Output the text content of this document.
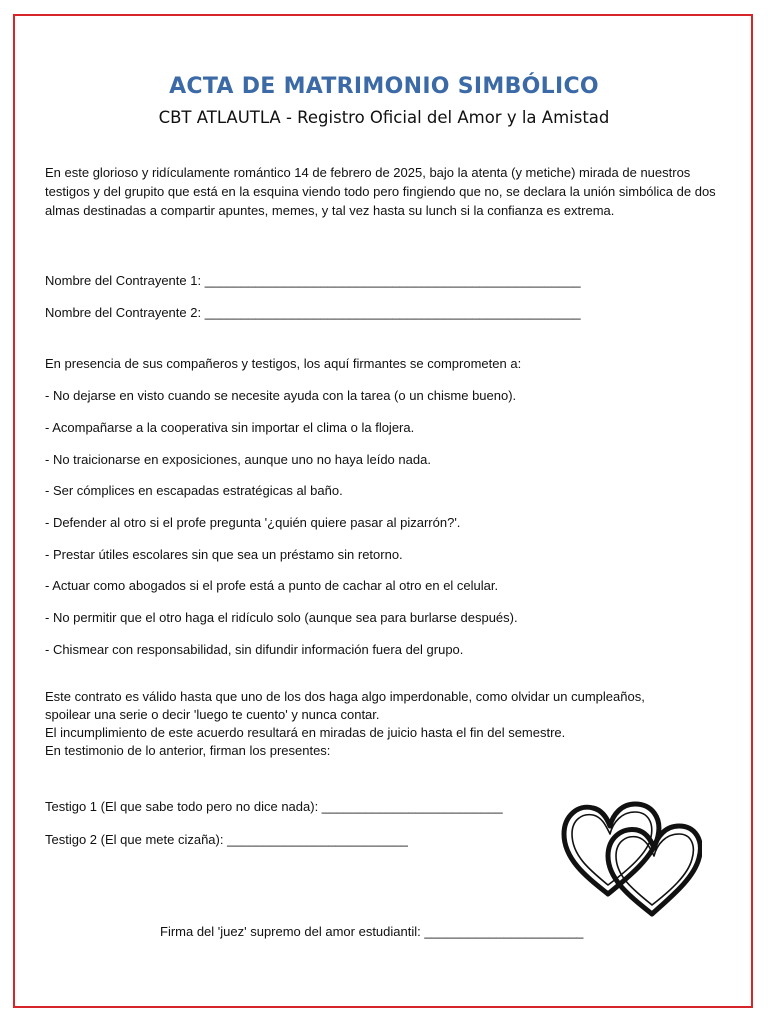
ACTA DE MATRIMONIO SIMBÓLICO
CBT ATLAUTLA - Registro Oficial del Amor y la Amistad

En este glorioso y ridículamente romántico 14 de febrero de 2025, bajo la atenta (y metiche) mirada de nuestros testigos y del grupito que está en la esquina viendo todo pero fingiendo que no, se declara la unión simbólica de dos almas destinadas a compartir apuntes, memes, y tal vez hasta su lunch si la confianza es extrema.

Nombre del Contrayente 1: ____________________________________________________
Nombre del Contrayente 2: ____________________________________________________
En presencia de sus compañeros y testigos, los aquí firmantes se comprometen a:
- No dejarse en visto cuando se necesite ayuda con la tarea (o un chisme bueno).
- Acompañarse a la cooperativa sin importar el clima o la flojera.
- No traicionarse en exposiciones, aunque uno no haya leído nada.
- Ser cómplices en escapadas estratégicas al baño.
- Defender al otro si el profe pregunta '¿quién quiere pasar al pizarrón?'.
- Prestar útiles escolares sin que sea un préstamo sin retorno.
- Actuar como abogados si el profe está a punto de cachar al otro en el celular.
- No permitir que el otro haga el ridículo solo (aunque sea para burlarse después).
- Chismear con responsabilidad, sin difundir información fuera del grupo.
Este contrato es válido hasta que uno de los dos haga algo imperdonable, como olvidar un cumpleaños,
spoilear una serie o decir 'luego te cuento' y nunca contar.
El incumplimiento de este acuerdo resultará en miradas de juicio hasta el fin del semestre.
En testimonio de lo anterior, firman los presentes:
Testigo 1 (El que sabe todo pero no dice nada): _________________________
Testigo 2 (El que mete cizaña): _________________________
Firma del 'juez' supremo del amor estudiantil: ______________________
